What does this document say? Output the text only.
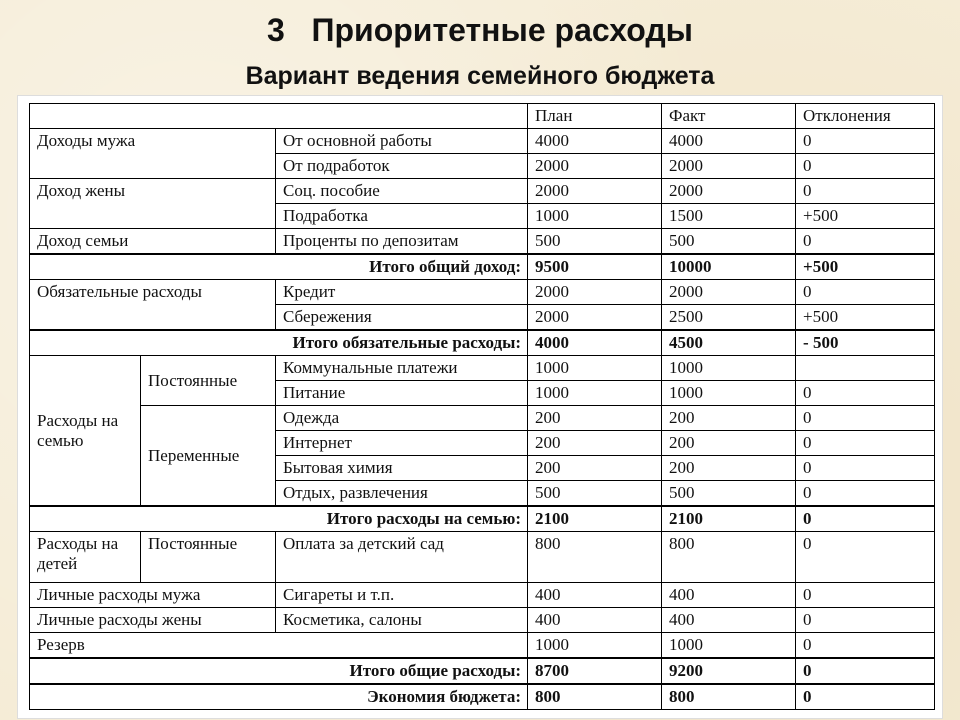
3 Приоритетные расходы
Вариант ведения семейного бюджета
			План	Факт	Отклонения
Доходы мужа		От основной работы	4000	4000	0
		От подработок	2000	2000	0
Доход жены		Соц. пособие	2000	2000	0
		Подработка	1000	1500	+500
Доход семьи		Проценты по депозитам	500	500	0
Итого общий доход:			9500	10000	+500
Обязательные расходы		Кредит	2000	2000	0
		Сбережения	2000	2500	+500
Итого обязательные расходы:			4000	4500	- 500
Расходы на семью	Постоянные	Коммунальные платежи	1000	1000	
		Питание	1000	1000	0
	Переменные	Одежда	200	200	0
		Интернет	200	200	0
		Бытовая химия	200	200	0
		Отдых, развлечения	500	500	0
Итого расходы на семью:			2100	2100	0
Расходы на детей	Постоянные	Оплата за детский сад	800	800	0
Личные расходы мужа		Сигареты и т.п.	400	400	0
Личные расходы жены		Косметика, салоны	400	400	0
Резерв			1000	1000	0
Итого общие расходы:			8700	9200	0
Экономия бюджета:			800	800	0
